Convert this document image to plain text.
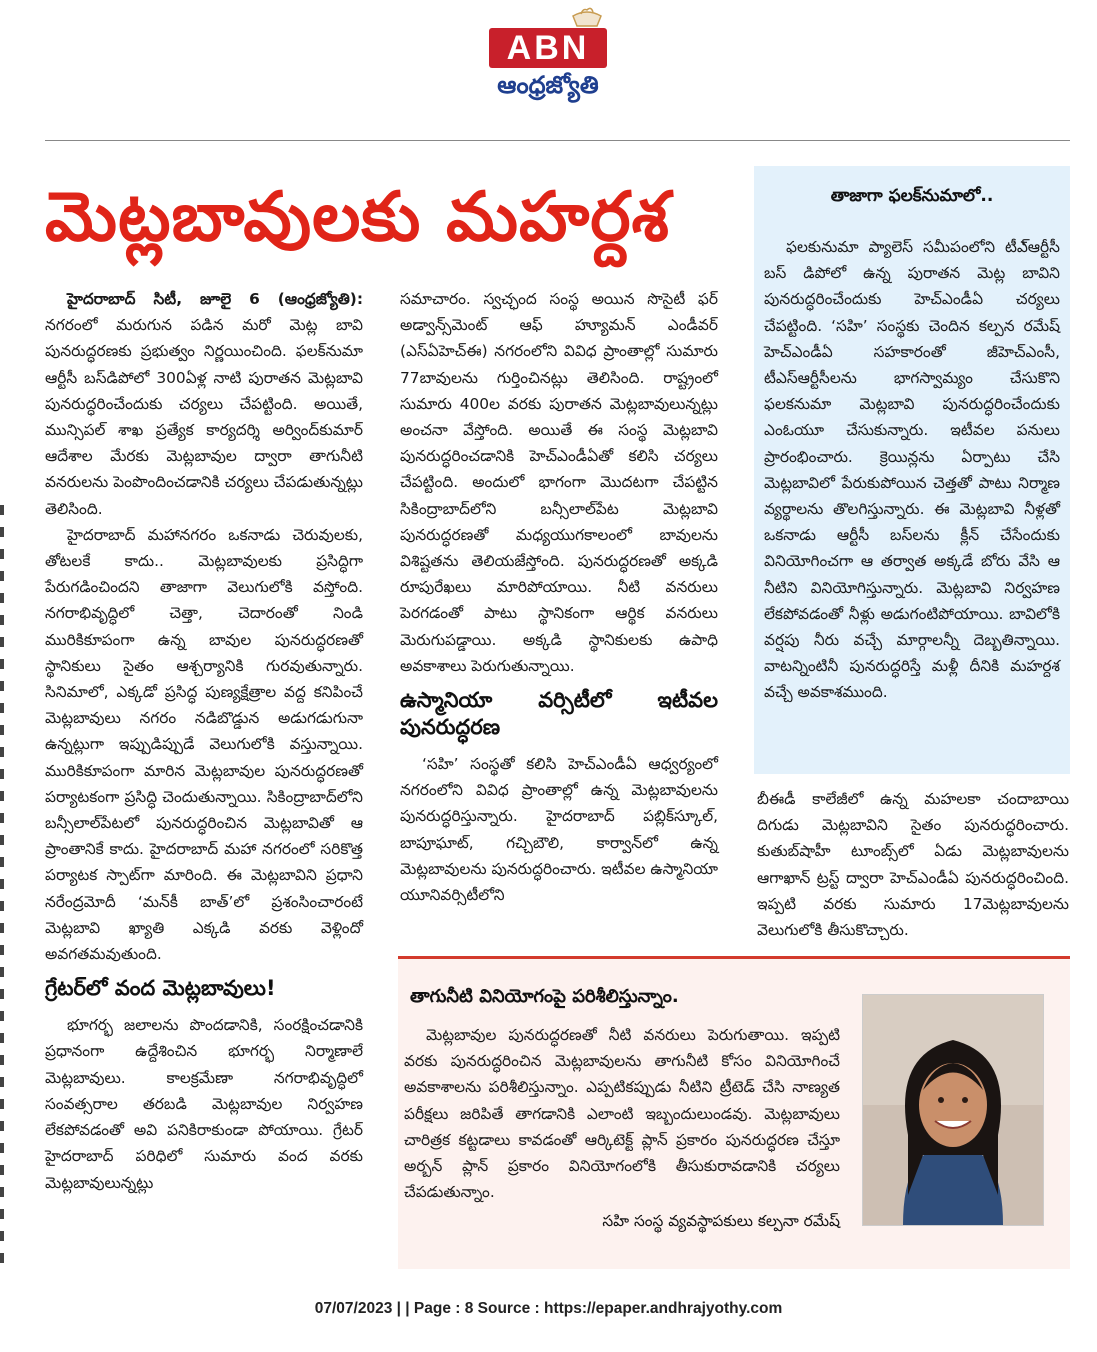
ABN
ఆంధ్రజ్యోతి
మెట్లబావులకు మహర్దశ

హైదరాబాద్ సిటీ, జూలై 6 (ఆంధ్రజ్యోతి): నగరంలో మరుగున పడిన మరో మెట్ల బావి పునరుద్ధరణకు ప్రభుత్వం నిర్ణయించింది. ఫలక్‌నుమా ఆర్టీసీ బస్‌డిపోలో 300ఏళ్ల నాటి పురాతన మెట్లబావి పునరుద్ధరించేందుకు చర్యలు చేపట్టింది. అయితే, మున్సిపల్ శాఖ ప్రత్యేక కార్యదర్శి అర్వింద్‌కుమార్ ఆదేశాల మేరకు మెట్లబావుల ద్వారా తాగునీటి వనరులను పెంపొందించడానికి చర్యలు చేపడుతున్నట్లు తెలిసింది.

హైదరాబాద్ మహానగరం ఒకనాడు చెరువులకు, తోటలకే కాదు.. మెట్లబావులకు ప్రసిద్ధిగా పేరుగడించిందని తాజాగా వెలుగులోకి వస్తోంది. నగరాభివృద్ధిలో చెత్తా, చెదారంతో నిండి మురికికూపంగా ఉన్న బావుల పునరుద్ధరణతో స్థానికులు సైతం ఆశ్చర్యానికి గురవుతున్నారు. సినిమాలో, ఎక్కడో ప్రసిద్ధ పుణ్యక్షేత్రాల వద్ద కనిపించే మెట్లబావులు నగరం నడిబొడ్డున అడుగడుగునా ఉన్నట్లుగా ఇప్పుడిప్పుడే వెలుగులోకి వస్తున్నాయి. మురికికూపంగా మారిన మెట్లబావుల పునరుద్ధరణతో పర్యాటకంగా ప్రసిద్ధి చెందుతున్నాయి. సికింద్రాబాద్‌లోని బన్సీలాల్‌పేటలో పునరుద్ధరించిన మెట్లబావితో ఆ ప్రాంతానికే కాదు. హైదరాబాద్ మహా నగరంలో సరికొత్త పర్యాటక స్పాట్‌గా మారింది. ఈ మెట్లబావిని ప్రధాని నరేంద్రమోదీ ‘మన్‌కీ బాత్’లో ప్రశంసించారంటే మెట్లబావి ఖ్యాతి ఎక్కడి వరకు వెళ్లిందో అవగతమవుతుంది.

గ్రేటర్‌లో వంద మెట్లబావులు!

భూగర్భ జలాలను పొందడానికి, సంరక్షించడానికి ప్రధానంగా ఉద్దేశించిన భూగర్భ నిర్మాణాలే మెట్లబావులు. కాలక్రమేణా నగరాభివృద్ధిలో సంవత్సరాల తరబడి మెట్లబావుల నిర్వహణ లేకపోవడంతో అవి పనికిరాకుండా పోయాయి. గ్రేటర్ హైదరాబాద్ పరిధిలో సుమారు వంద వరకు మెట్లబావులున్నట్లు

సమాచారం. స్వచ్ఛంద సంస్థ అయిన సొసైటీ ఫర్ అడ్వాన్స్‌మెంట్ ఆఫ్ హ్యూమన్ ఎండీవర్ (ఎస్‌ఏహెచ్‌ఈ) నగరంలోని వివిధ ప్రాంతాల్లో సుమారు 77బావులను గుర్తించినట్లు తెలిసింది. రాష్ట్రంలో సుమారు 400ల వరకు పురాతన మెట్లబావులున్నట్లు అంచనా వేస్తోంది. అయితే ఈ సంస్థ మెట్లబావి పునరుద్ధరించడానికి హెచ్‌ఎండీఏతో కలిసి చర్యలు చేపట్టింది. అందులో భాగంగా మొదటగా చేపట్టిన సికింద్రాబాద్‌లోని బన్సీలాల్‌పేట మెట్లబావి పునరుద్ధరణతో మధ్యయుగకాలంలో బావులను విశిష్టతను తెలియజేస్తోంది. పునరుద్ధరణతో అక్కడి రూపురేఖలు మారిపోయాయి. నీటి వనరులు పెరగడంతో పాటు స్థానికంగా ఆర్థిక వనరులు మెరుగుపడ్డాయి. అక్కడి స్థానికులకు ఉపాధి అవకాశాలు పెరుగుతున్నాయి.

ఉస్మానియా వర్సిటీలో ఇటీవల పునరుద్ధరణ

‘సహి’ సంస్థతో కలిసి హెచ్‌ఎండీఏ ఆధ్వర్యంలో నగరంలోని వివిధ ప్రాంతాల్లో ఉన్న మెట్లబావులను పునరుద్ధరిస్తున్నారు. హైదరాబాద్ పబ్లిక్‌స్కూల్, బాపూఘాట్, గచ్చిబౌలి, కార్వాన్‌లో ఉన్న మెట్లబావులను పునరుద్ధరించారు. ఇటీవల ఉస్మానియా యూనివర్సిటీలోని

తాజాగా ఫలక్‌నుమాలో..

ఫలకునుమా ప్యాలెస్ సమీపంలోని టీఎ్‌ఆర్టీసీ బస్ డిపోలో ఉన్న పురాతన మెట్ల బావిని పునరుద్ధరించేందుకు హెచ్‌ఎండీఏ చర్యలు చేపట్టింది. ‘సహి’ సంస్థకు చెందిన కల్పన రమేష్ హెచ్‌ఎండీఏ సహకారంతో జీహెచ్‌ఎంసీ, టీఎస్‌ఆర్టీసీలను భాగస్వామ్యం చేసుకొని ఫలకనుమా మెట్లబావి పునరుద్ధరించేందుకు ఎంఓయూ చేసుకున్నారు. ఇటీవల పనులు ప్రారంభించారు. క్రెయిన్లను ఏర్పాటు చేసి మెట్లబావిలో పేరుకుపోయిన చెత్తతో పాటు నిర్మాణ వ్యర్థాలను తొలగిస్తున్నారు. ఈ మెట్లబావి నీళ్లతో ఒకనాడు ఆర్టీసీ బస్‌లను క్లీన్ చేసేందుకు వినియోగించగా ఆ తర్వాత అక్కడే బోరు వేసి ఆ నీటిని వినియోగిస్తున్నారు. మెట్లబావి నిర్వహణ లేకపోవడంతో నీళ్లు అడుగంటిపోయాయి. బావిలోకి వర్షపు నీరు వచ్చే మార్గాలన్నీ దెబ్బతిన్నాయి. వాటన్నింటినీ పునరుద్ధరిస్తే మళ్లీ దీనికి మహర్దశ వచ్చే అవకాశముంది.

బీఈడీ కాలేజీలో ఉన్న మహలకా చందాబాయి దిగుడు మెట్లబావిని సైతం పునరుద్ధరించారు. కుతుబ్‌షాహీ టూంబ్స్‌లో ఏడు మెట్లబావులను ఆగాఖాన్ ట్రస్ట్ ద్వారా హెచ్‌ఎండీఏ పునరుద్ధరించింది. ఇప్పటి వరకు సుమారు 17మెట్లబావులను వెలుగులోకి తీసుకొచ్చారు.

తాగునీటి వినియోగంపై పరిశీలిస్తున్నాం.

మెట్లబావుల పునరుద్ధరణతో నీటి వనరులు పెరుగుతాయి. ఇప్పటి వరకు పునరుద్ధరించిన మెట్లబావులను తాగునీటి కోసం వినియోగించే అవకాశాలను పరిశీలిస్తున్నాం. ఎప్పటికప్పుడు నీటిని ట్రీటెడ్ చేసి నాణ్యత పరీక్షలు జరిపితే తాగడానికి ఎలాంటి ఇబ్బందులుండవు. మెట్లబావులు చారిత్రక కట్టడాలు కావడంతో ఆర్కిటెక్ట్ ప్లాన్ ప్రకారం పునరుద్ధరణ చేస్తూ అర్బన్ ప్లాన్ ప్రకారం వినియోగంలోకి తీసుకురావడానికి చర్యలు చేపడుతున్నాం.

సహి సంస్థ వ్యవస్థాపకులు కల్పనా రమేష్
07/07/2023 | | Page : 8 Source : https://epaper.andhrajyothy.com
